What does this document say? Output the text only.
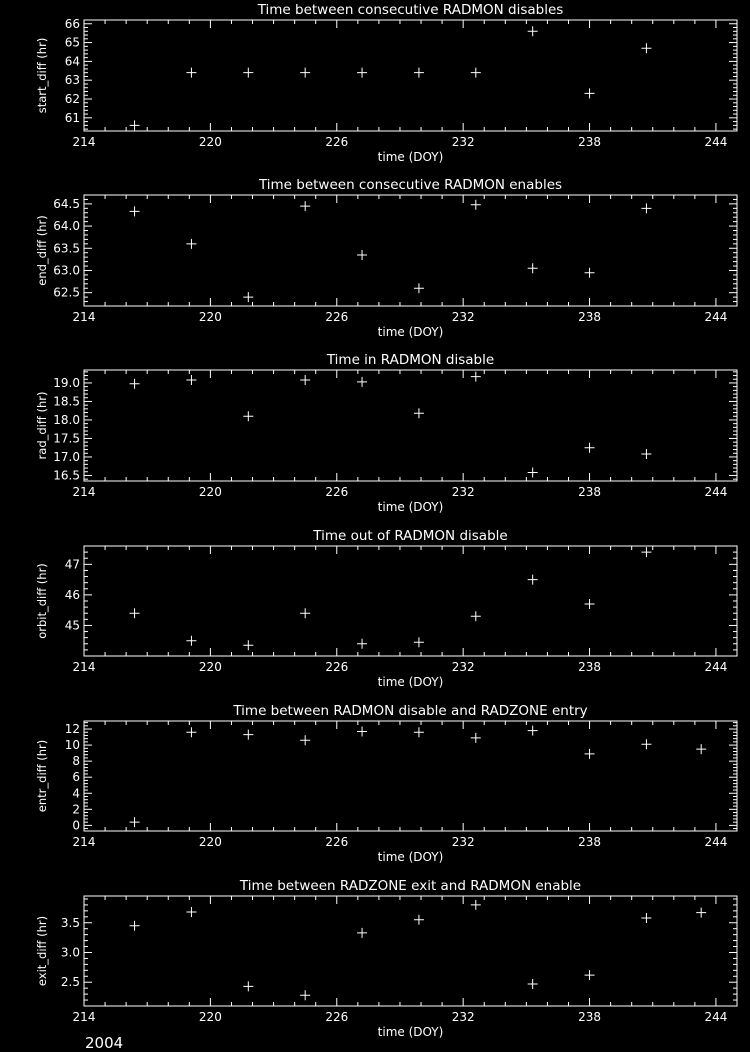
Time between consecutive RADMON disables
214	220	226	232	238	244
61
62
63
64
65
66
time (DOY)
start_diff (hr)
Time between consecutive RADMON enables
214	220	226	232	238	244
62.5
63.0
63.5
64.0
64.5
time (DOY)
end_diff (hr)
Time in RADMON disable
214	220	226	232	238	244
16.5
17.0
17.5
18.0
18.5
19.0
time (DOY)
rad_diff (hr)
Time out of RADMON disable
214	220	226	232	238	244
45
46
47
time (DOY)
orbit_diff (hr)
Time between RADMON disable and RADZONE entry
214	220	226	232	238	244
0
2
4
6
8
10
12
time (DOY)
entr_diff (hr)
Time between RADZONE exit and RADMON enable
214	220	226	232	238	244
2.5
3.0
3.5
time (DOY)
exit_diff (hr)
2004
